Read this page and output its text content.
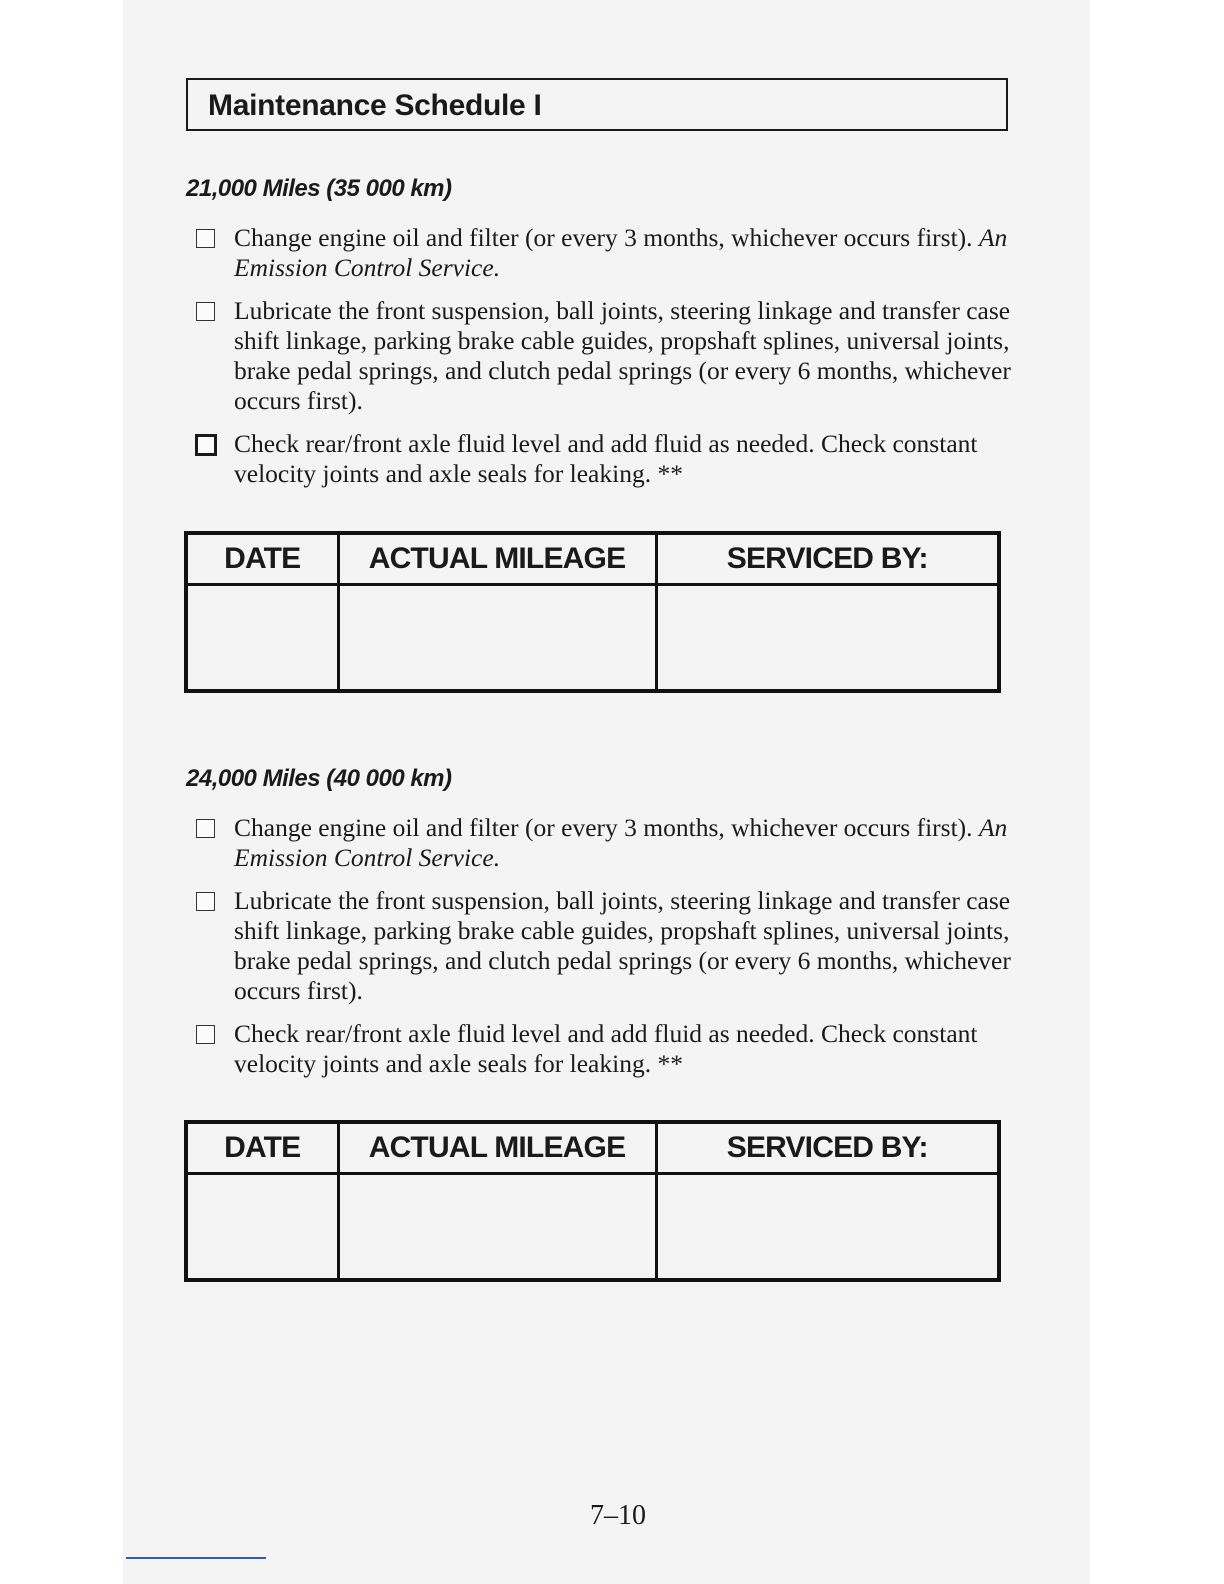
Maintenance Schedule I
21,000 Miles (35 000 km)
Change engine oil and filter (or every 3 months, whichever occurs first). An Emission Control Service.
Lubricate the front suspension, ball joints, steering linkage and transfer case shift linkage, parking brake cable guides, propshaft splines, universal joints, brake pedal springs, and clutch pedal springs (or every 6 months, whichever occurs first).
Check rear/front axle fluid level and add fluid as needed. Check constant velocity joints and axle seals for leaking. **
DATE	ACTUAL MILEAGE	SERVICED BY:

24,000 Miles (40 000 km)
Change engine oil and filter (or every 3 months, whichever occurs first). An Emission Control Service.
Lubricate the front suspension, ball joints, steering linkage and transfer case shift linkage, parking brake cable guides, propshaft splines, universal joints, brake pedal springs, and clutch pedal springs (or every 6 months, whichever occurs first).
Check rear/front axle fluid level and add fluid as needed. Check constant velocity joints and axle seals for leaking. **
DATE	ACTUAL MILEAGE	SERVICED BY:

7–10
